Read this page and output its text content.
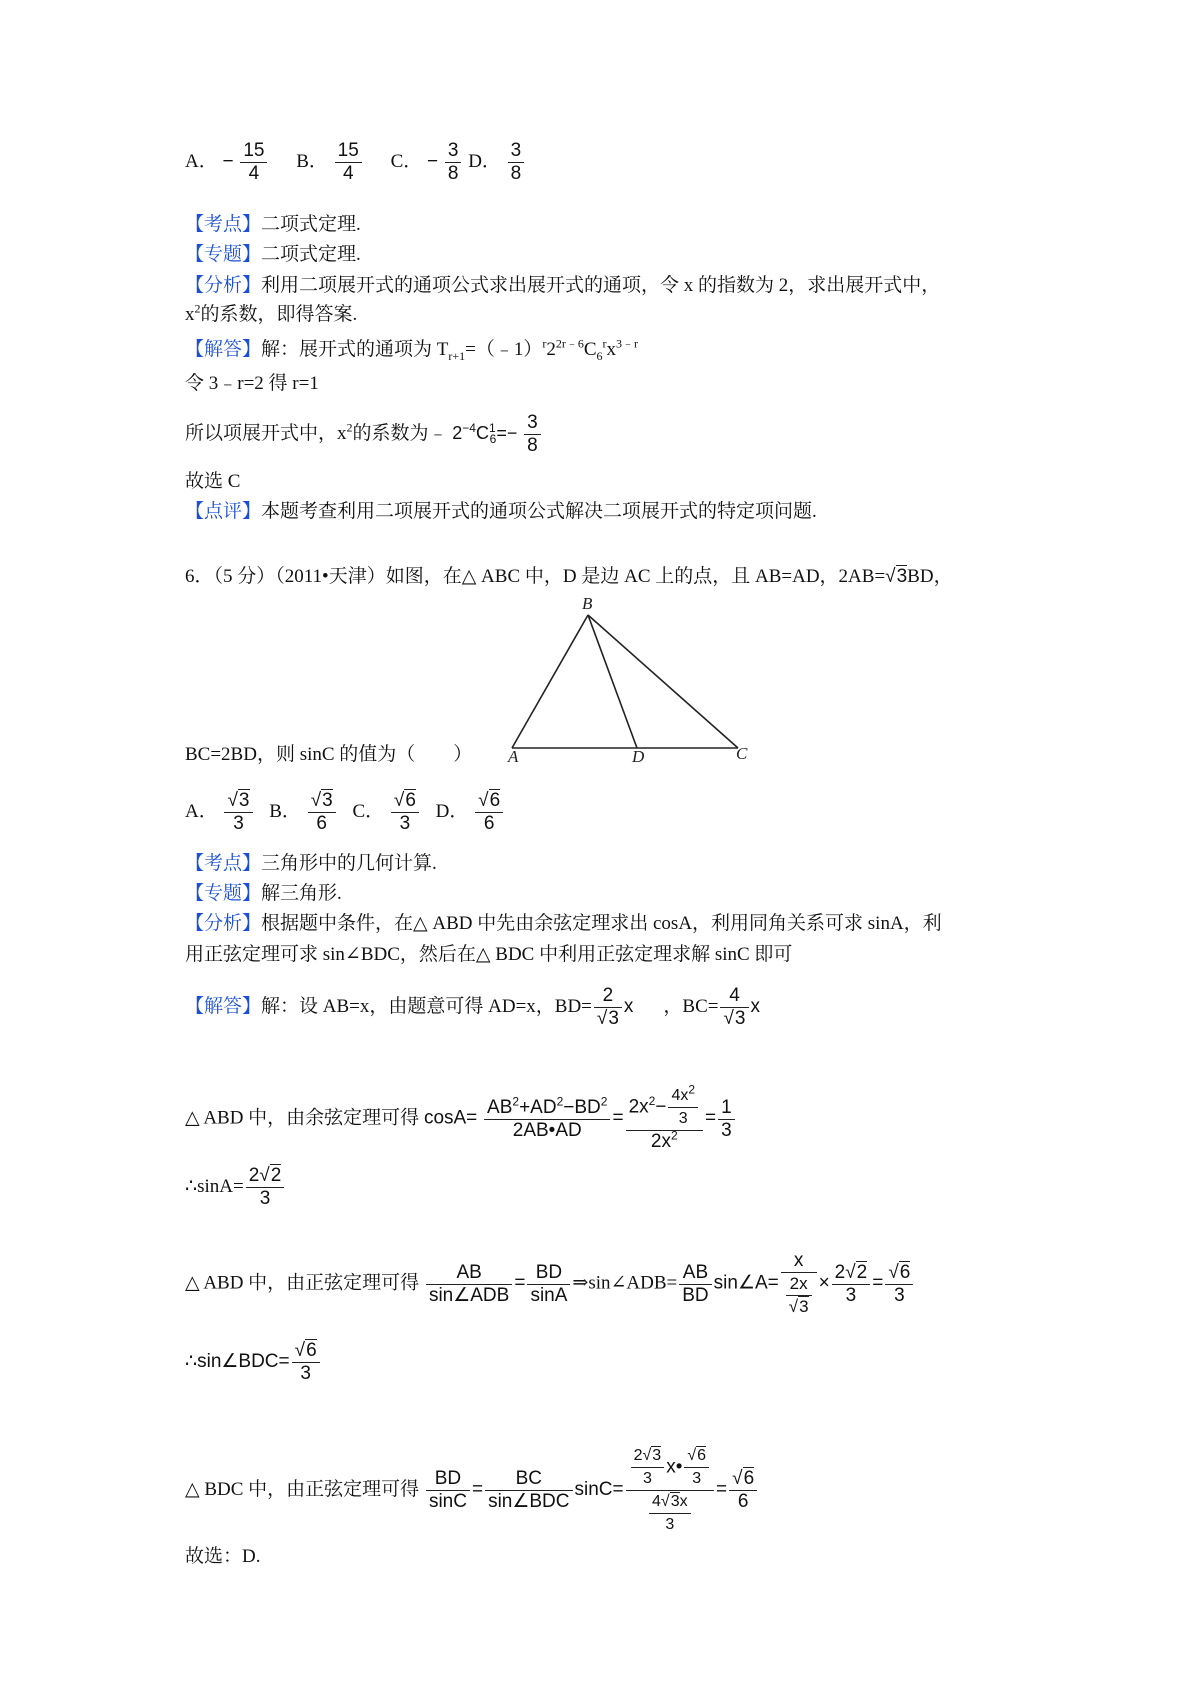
A． − $\frac{15}{4}$ B． $\frac{15}{4}$ C． − $\frac{3}{8}$ D． $\frac{3}{8}$
【考点】二项式定理.
【专题】二项式定理.
【分析】利用二项展开式的通项公式求出展开式的通项，令 x 的指数为 2，求出展开式中，
$x^2$的系数，即得答案.
【解答】解：展开式的通项为 $T_{r+1}=(﹣1)^r2^{2r﹣6}C_6^rx^{3﹣r}$
令 3﹣r=2 得 r=1
所以项展开式中，$x^2$的系数为﹣ $2^{-4}C^1_6=- \frac{3}{8}$
故选 C
【点评】本题考查利用二项展开式的通项公式解决二项展开式的特定项问题.
6．（5 分）（2011•天津）如图，在△ ABC 中，D 是边 AC 上的点，且 AB=AD，2AB=√3BD，
B
A	D	C
BC=2BD，则 sinC 的值为（　　）
A． $\frac{√3}{3}$ B． $\frac{√3}{6}$ C． $\frac{√6}{3}$ D． $\frac{√6}{6}$
【考点】三角形中的几何计算.
【专题】解三角形.
【分析】根据题中条件，在△ ABD 中先由余弦定理求出 cosA，利用同角关系可求 sinA，利
用正弦定理可求 sin∠BDC，然后在△ BDC 中利用正弦定理求解 sinC 即可
【解答】解：设 AB=x，由题意可得 AD=x，$BD= \frac{2}{√3}$ x ，$BC= \frac{4}{√3}$ x
△ ABD 中，由余弦定理可得 $\cos A= \frac{AB^2+AD^2-BD^2}{2AB•AD} = \frac{2x^2- \frac{4x^2}{3}}{2x^2} = \frac{1}{3}$
∴sinA= $\frac{2√2}{3}$
△ ABD 中，由正弦定理可得 $\frac{AB}{\text{sin∠ADB}} = \frac{BD}{\sin A}$ ⇒sin∠ADB= $\frac{AB}{BD}$ sin∠A= $\frac{x}{\frac{2x}{√3}} \times \frac{2√2}{3} = \frac{√6}{3}$
∴sin∠BDC= $\frac{√6}{3}$
△ BDC 中，由正弦定理可得 $\frac{BD}{\sin C} = \frac{BC}{\text{sin∠BDC}} \sin C= \frac{\frac{2√3}{3} x• \frac{√6}{3}}{\frac{4√3x}{3}} = \frac{√6}{6}$
故选：D.
